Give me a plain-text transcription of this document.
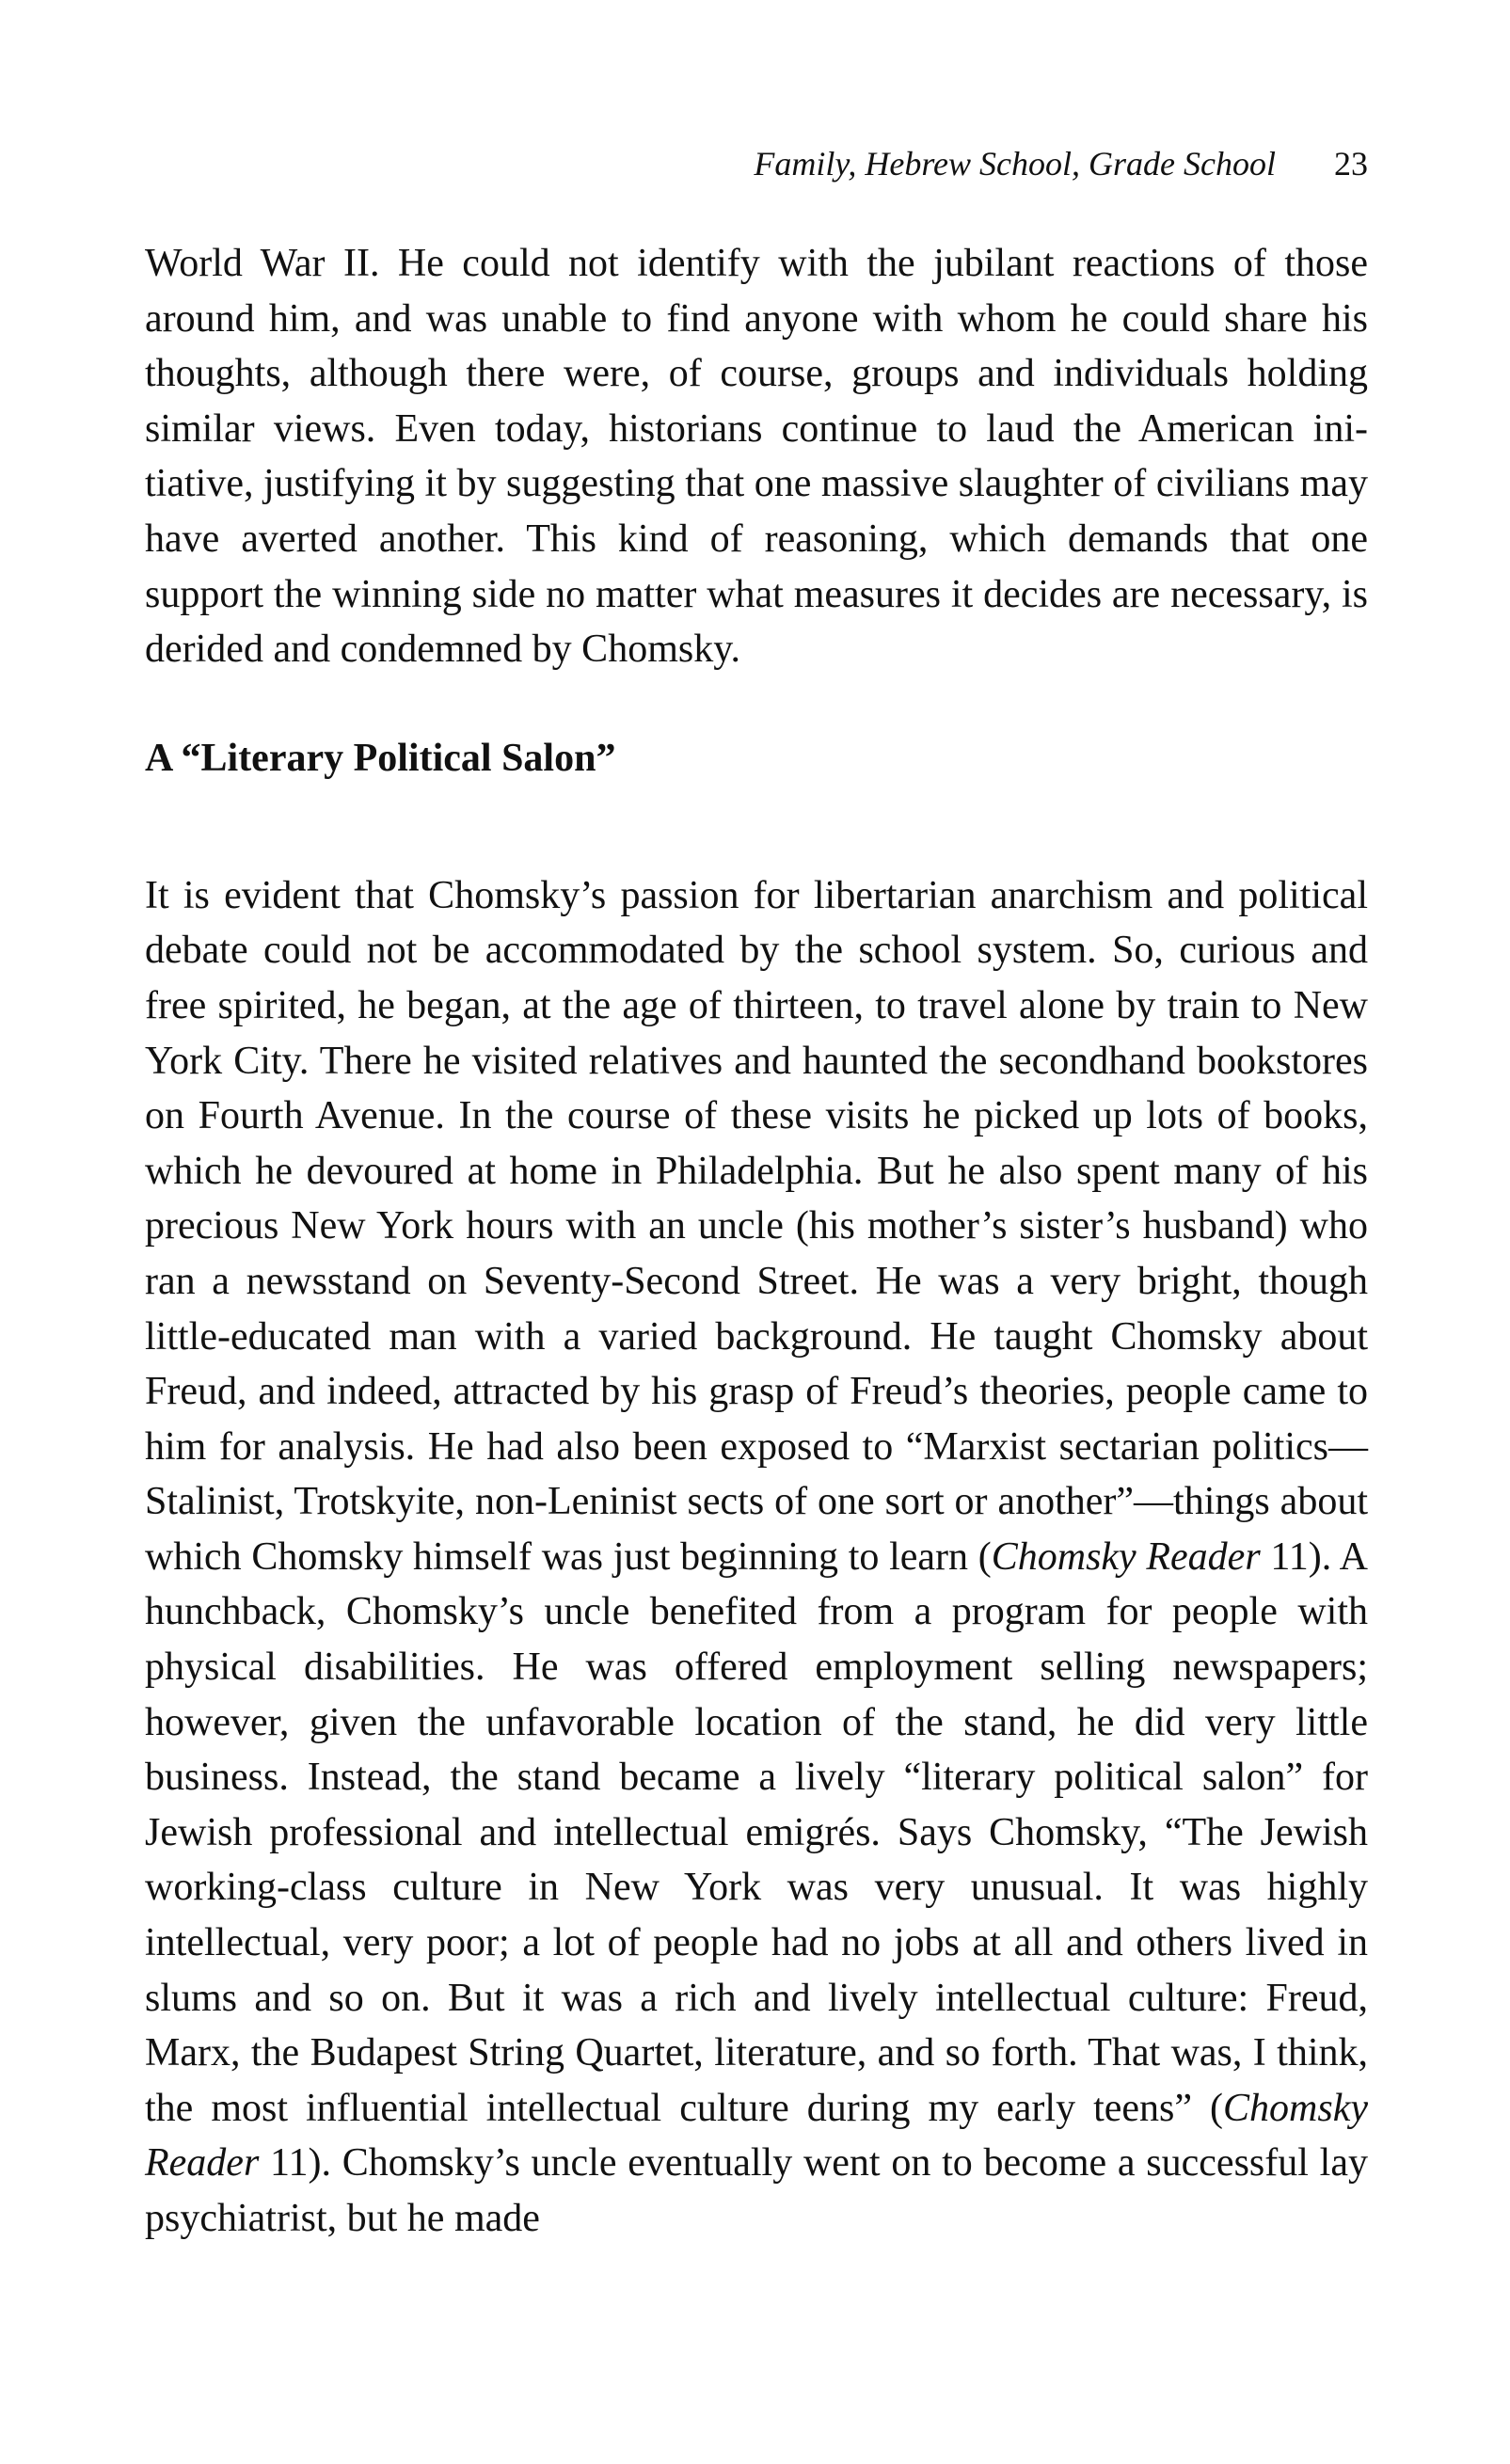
Family, Hebrew School, Grade School 23

World War II. He could not identify with the jubilant reactions of those around him, and was unable to find anyone with whom he could share his thoughts, although there were, of course, groups and individuals holding similar views. Even today, historians continue to laud the American initiative, justifying it by suggesting that one massive slaughter of civilians may have averted another. This kind of reasoning, which demands that one support the winning side no matter what measures it decides are necessary, is derided and condemned by Chomsky.

A “Literary Political Salon”

It is evident that Chomsky’s passion for libertarian anarchism and political debate could not be accommodated by the school system. So, curious and free spirited, he began, at the age of thirteen, to travel alone by train to New York City. There he visited relatives and haunted the secondhand bookstores on Fourth Avenue. In the course of these visits he picked up lots of books, which he devoured at home in Philadelphia. But he also spent many of his precious New York hours with an uncle (his mother’s sister’s husband) who ran a newsstand on Seventy-Second Street. He was a very bright, though little-educated man with a varied background. He taught Chomsky about Freud, and indeed, attracted by his grasp of Freud’s theories, people came to him for analysis. He had also been exposed to “Marxist sectarian politics—Stalinist, Trotskyite, non-Leninist sects of one sort or another”—things about which Chomsky himself was just beginning to learn (Chomsky Reader 11). A hunchback, Chomsky’s uncle benefited from a program for people with physical disabilities. He was offered employment selling newspapers; however, given the unfavorable location of the stand, he did very little business. Instead, the stand became a lively “literary political salon” for Jewish professional and intellectual emigrés. Says Chomsky, “The Jewish working-class culture in New York was very unusual. It was highly intellectual, very poor; a lot of people had no jobs at all and others lived in slums and so on. But it was a rich and lively intellectual culture: Freud, Marx, the Budapest String Quartet, literature, and so forth. That was, I think, the most influential intellectual culture during my early teens” (Chomsky Reader 11). Chomsky’s uncle eventually went on to become a successful lay psychiatrist, but he made
